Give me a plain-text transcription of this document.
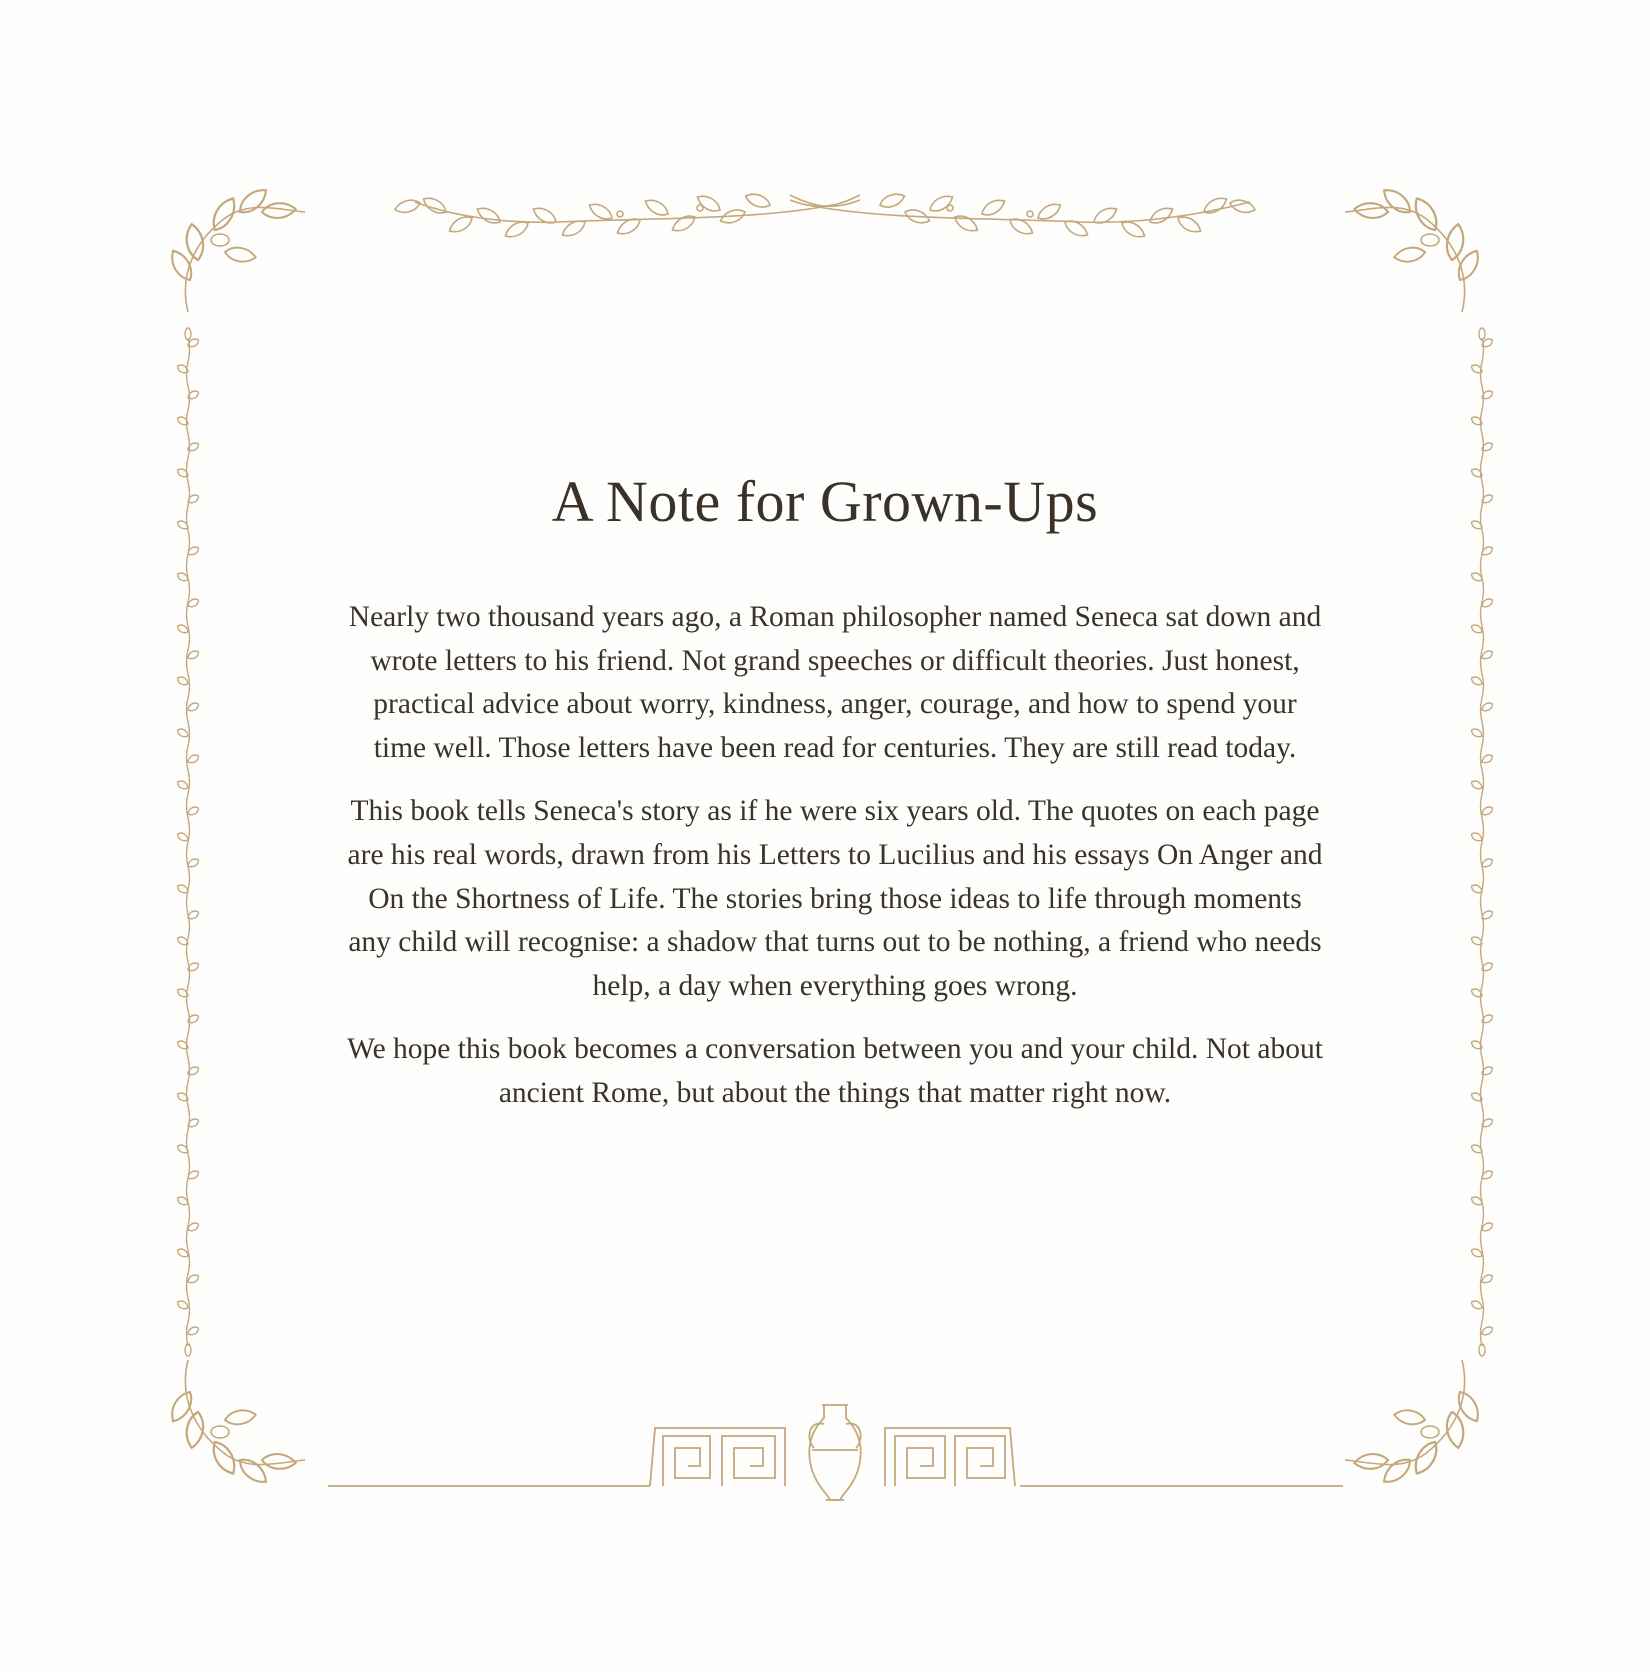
A Note for Grown-Ups

Nearly two thousand years ago, a Roman philosopher named Seneca sat down and wrote letters to his friend. Not grand speeches or difficult theories. Just honest, practical advice about worry, kindness, anger, courage, and how to spend your time well. Those letters have been read for centuries. They are still read today.

This book tells Seneca's story as if he were six years old. The quotes on each page are his real words, drawn from his Letters to Lucilius and his essays On Anger and On the Shortness of Life. The stories bring those ideas to life through moments any child will recognise: a shadow that turns out to be nothing, a friend who needs help, a day when everything goes wrong.

We hope this book becomes a conversation between you and your child. Not about ancient Rome, but about the things that matter right now.
